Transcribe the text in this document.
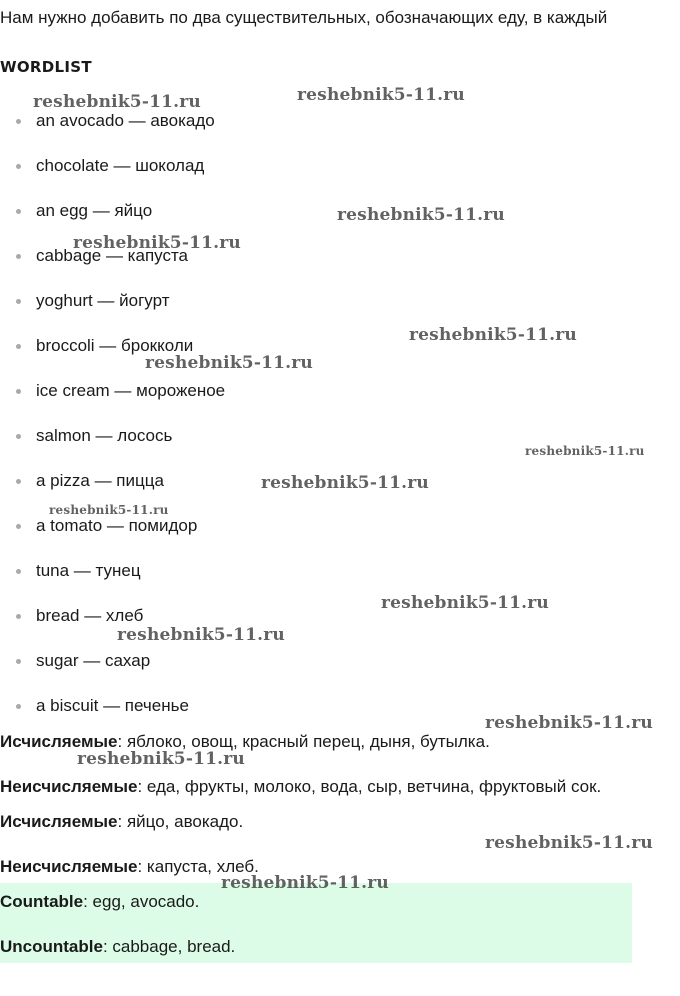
Нам нужно добавить по два существительных, обозначающих еду, в каждый
WORDLIST
an avocado — авокадо
chocolate — шоколад
an egg — яйцо
cabbage — капуста
yoghurt — йогурт
broccoli — брокколи
ice cream — мороженое
salmon — лосось
a pizza — пицца
a tomato — помидор
tuna — тунец
bread — хлеб
sugar — сахар
a biscuit — печенье
Исчисляемые: яблоко, овощ, красный перец, дыня, бутылка.
Неисчисляемые: еда, фрукты, молоко, вода, сыр, ветчина, фруктовый сок.
Исчисляемые: яйцо, авокадо.
Неисчисляемые: капуста, хлеб.
Countable: egg, avocado.
Uncountable: cabbage, bread.
reshebnik5-11.ru	reshebnik5-11.ru
reshebnik5-11.ru
reshebnik5-11.ru
reshebnik5-11.ru
reshebnik5-11.ru
reshebnik5-11.ru
reshebnik5-11.ru
reshebnik5-11.ru
reshebnik5-11.ru
reshebnik5-11.ru
reshebnik5-11.ru
reshebnik5-11.ru
reshebnik5-11.ru
reshebnik5-11.ru
